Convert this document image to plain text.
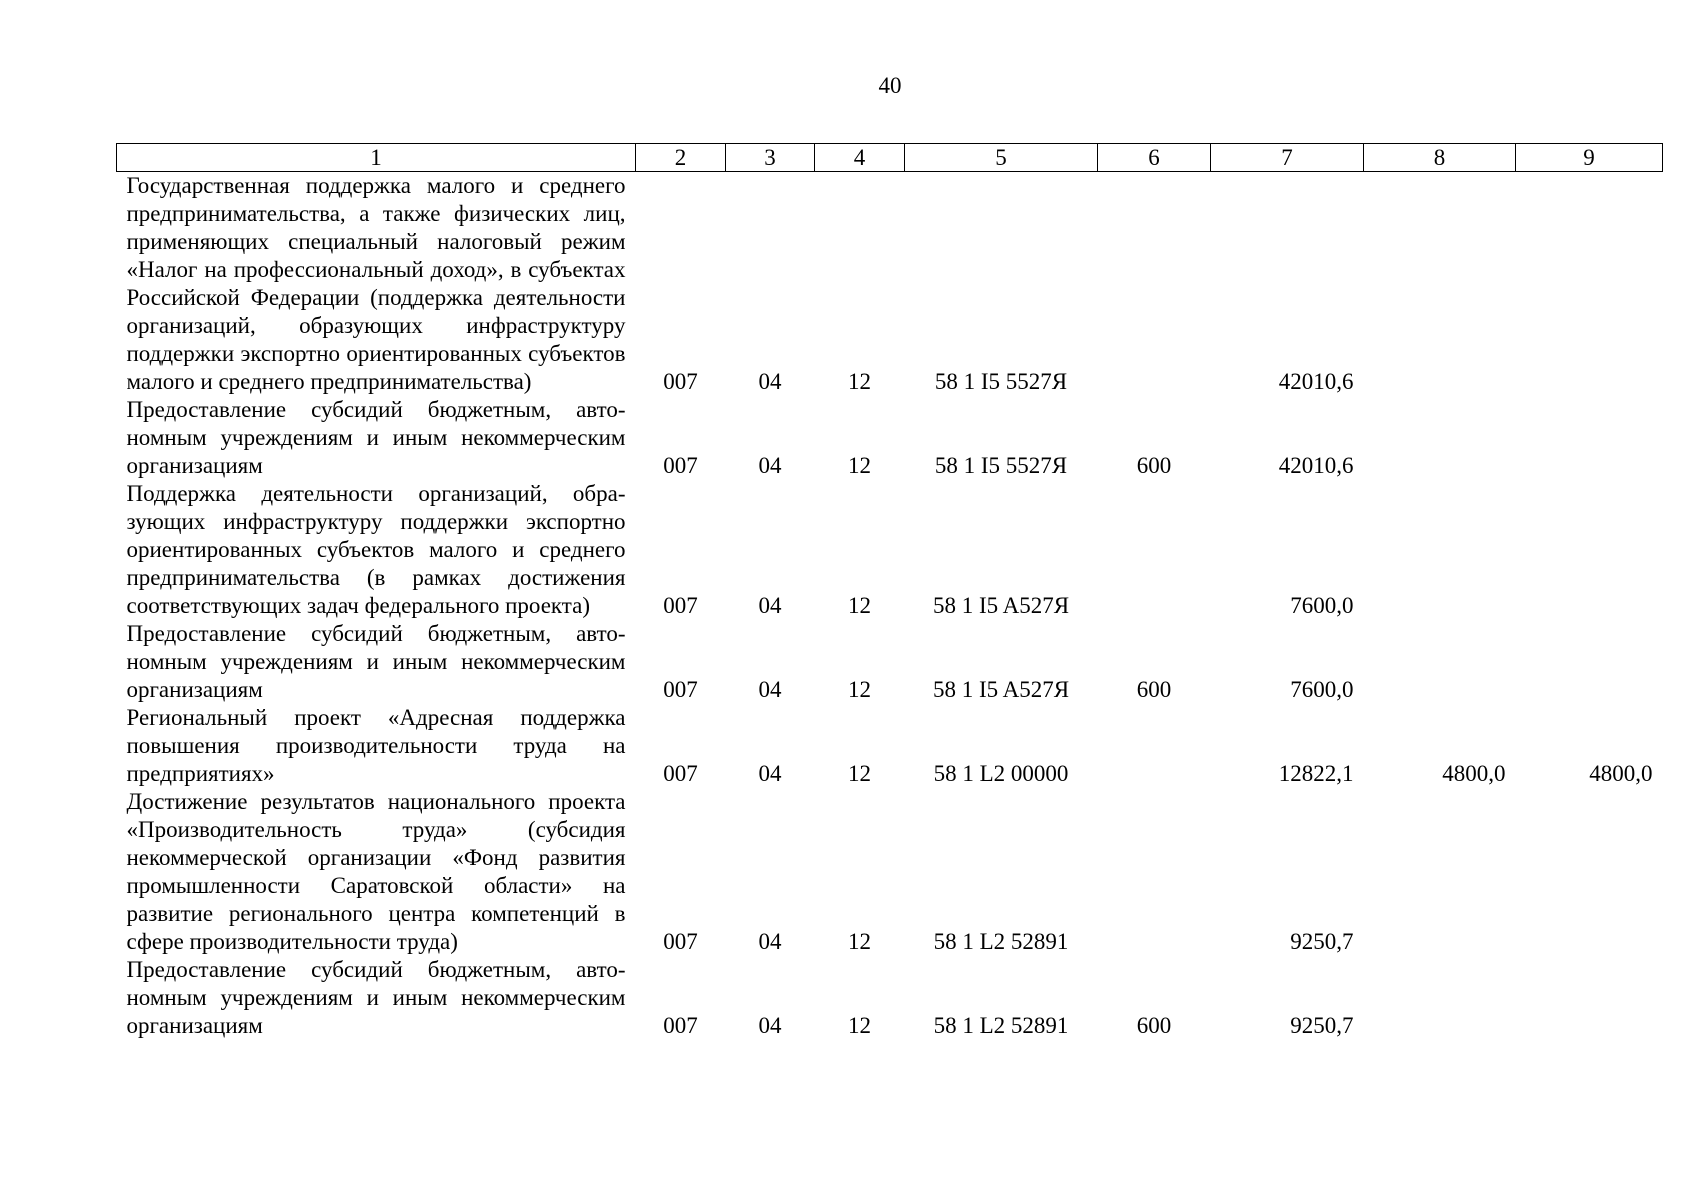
40
1	2	3	4	5	6	7	8	9
Государственная поддержка малого и среднего предпринимательства, а также физических лиц, применяющих специальный налоговый режим «Налог на профессиональный доход», в субъектах Российской Федерации (поддержка деятельности организаций, образующих инфраструктуру поддержки экспортно ориентированных субъектов малого и среднего предпринимательства)	007	04	12	58 1 I5 5527Я		42010,6		
Предоставление субсидий бюджетным, автономным учреждениям и иным некоммерческим организациям	007	04	12	58 1 I5 5527Я	600	42010,6		
Поддержка деятельности организаций, образующих инфраструктуру поддержки экспортно ориентированных субъектов малого и среднего предпринимательства (в рамках достижения соответствующих задач федерального проекта)	007	04	12	58 1 I5 A527Я		7600,0		
Предоставление субсидий бюджетным, автономным учреждениям и иным некоммерческим организациям	007	04	12	58 1 I5 A527Я	600	7600,0		
Региональный проект «Адресная поддержка повышения производительности труда на предприятиях»	007	04	12	58 1 L2 00000		12822,1	4800,0	4800,0
Достижение результатов национального проекта «Производительность труда» (субсидия некоммерческой организации «Фонд развития промышленности Саратовской области» на развитие регионального центра компетенций в сфере производительности труда)	007	04	12	58 1 L2 52891		9250,7		
Предоставление субсидий бюджетным, автономным учреждениям и иным некоммерческим организациям	007	04	12	58 1 L2 52891	600	9250,7		
